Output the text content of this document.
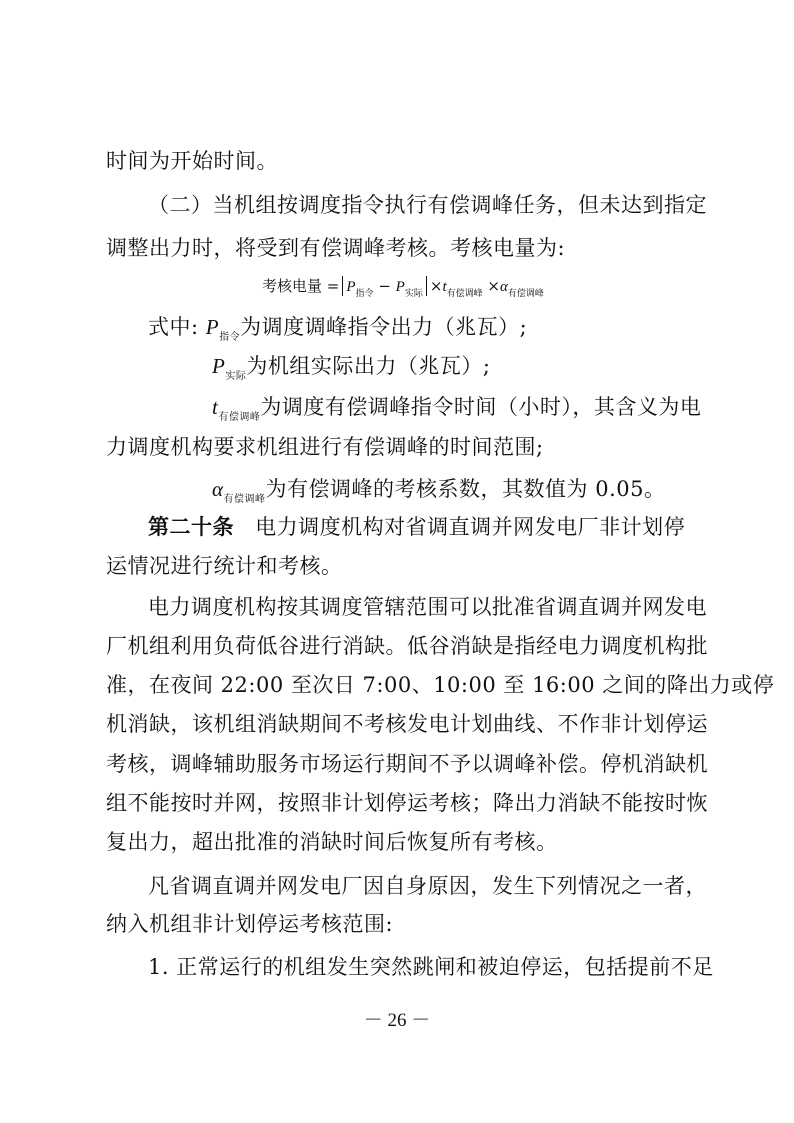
时间为开始时间。
（二）当机组按调度指令执行有偿调峰任务，但未达到指定
调整出力时，将受到有偿调峰考核。考核电量为:
考核电量 = $P_{指令} - P_{实际} \times t_{有偿调峰} \times\alpha_{有偿调峰}$
式中: $P_{指令}$为调度调峰指令出力（兆瓦）;
$P_{实际}$为机组实际出力（兆瓦）;
$t_{有偿调峰}$为调度有偿调峰指令时间（小时），其含义为电
力调度机构要求机组进行有偿调峰的时间范围;
$\alpha_{有偿调峰}$为有偿调峰的考核系数，其数值为 0.05。
第二十条 电力调度机构对省调直调并网发电厂非计划停
运情况进行统计和考核。
电力调度机构按其调度管辖范围可以批准省调直调并网发电
厂机组利用负荷低谷进行消缺。低谷消缺是指经电力调度机构批
准，在夜间 22:00 至次日 7:00、10:00 至 16:00 之间的降出力或停
机消缺，该机组消缺期间不考核发电计划曲线、不作非计划停运
考核，调峰辅助服务市场运行期间不予以调峰补偿。停机消缺机
组不能按时并网，按照非计划停运考核；降出力消缺不能按时恢
复出力，超出批准的消缺时间后恢复所有考核。
凡省调直调并网发电厂因自身原因，发生下列情况之一者，
纳入机组非计划停运考核范围:
1. 正常运行的机组发生突然跳闸和被迫停运，包括提前不足
－ 26 －
